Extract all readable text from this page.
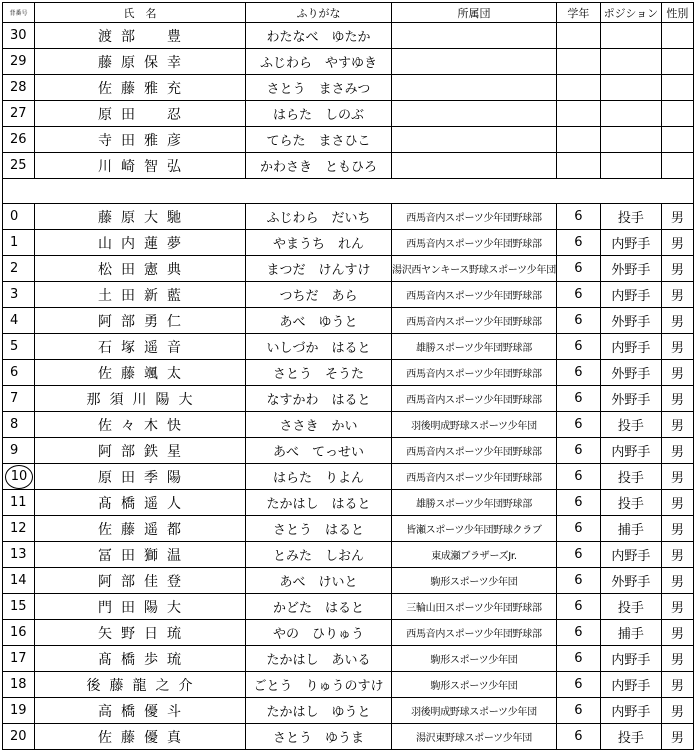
背番号	氏　名	ふりがな	所属団	学年	ポジション	性別
30	渡部　豊	わたなべ　ゆたか				
29	藤原保幸	ふじわら　やすゆき				
28	佐藤雅充	さとう　まさみつ				
27	原田　忍	はらた　しのぶ				
26	寺田雅彦	てらた　まさひこ				
25	川崎智弘	かわさき　ともひろ				

0	藤原大馳	ふじわら　だいち	西馬音内スポーツ少年団野球部	6	投手	男
1	山内蓮夢	やまうち　れん	西馬音内スポーツ少年団野球部	6	内野手	男
2	松田憲典	まつだ　けんすけ	湯沢西ヤンキース野球スポーツ少年団	6	外野手	男
3	土田新藍	つちだ　あら	西馬音内スポーツ少年団野球部	6	内野手	男
4	阿部勇仁	あべ　ゆうと	西馬音内スポーツ少年団野球部	6	外野手	男
5	石塚遥音	いしづか　はると	雄勝スポーツ少年団野球部	6	内野手	男
6	佐藤颯太	さとう　そうた	西馬音内スポーツ少年団野球部	6	外野手	男
7	那須川陽大	なすかわ　はると	西馬音内スポーツ少年団野球部	6	外野手	男
8	佐々木快	ささき　かい	羽後明成野球スポーツ少年団	6	投手	男
9	阿部鉄星	あべ　てっせい	西馬音内スポーツ少年団野球部	6	内野手	男
10	原田季陽	はらた　りよん	西馬音内スポーツ少年団野球部	6	投手	男
11	髙橋遥人	たかはし　はると	雄勝スポーツ少年団野球部	6	投手	男
12	佐藤遥都	さとう　はると	皆瀬スポーツ少年団野球クラブ	6	捕手	男
13	冨田獅温	とみた　しおん	東成瀬ブラザーズJr.	6	内野手	男
14	阿部佳登	あべ　けいと	駒形スポーツ少年団	6	外野手	男
15	門田陽大	かどた　はると	三輪山田スポーツ少年団野球部	6	投手	男
16	矢野日琉	やの　ひりゅう	西馬音内スポーツ少年団野球部	6	捕手	男
17	髙橋歩琉	たかはし　あいる	駒形スポーツ少年団	6	内野手	男
18	後藤龍之介	ごとう　りゅうのすけ	駒形スポーツ少年団	6	内野手	男
19	高橋優斗	たかはし　ゆうと	羽後明成野球スポーツ少年団	6	内野手	男
20	佐藤優真	さとう　ゆうま	湯沢東野球スポーツ少年団	6	投手	男
